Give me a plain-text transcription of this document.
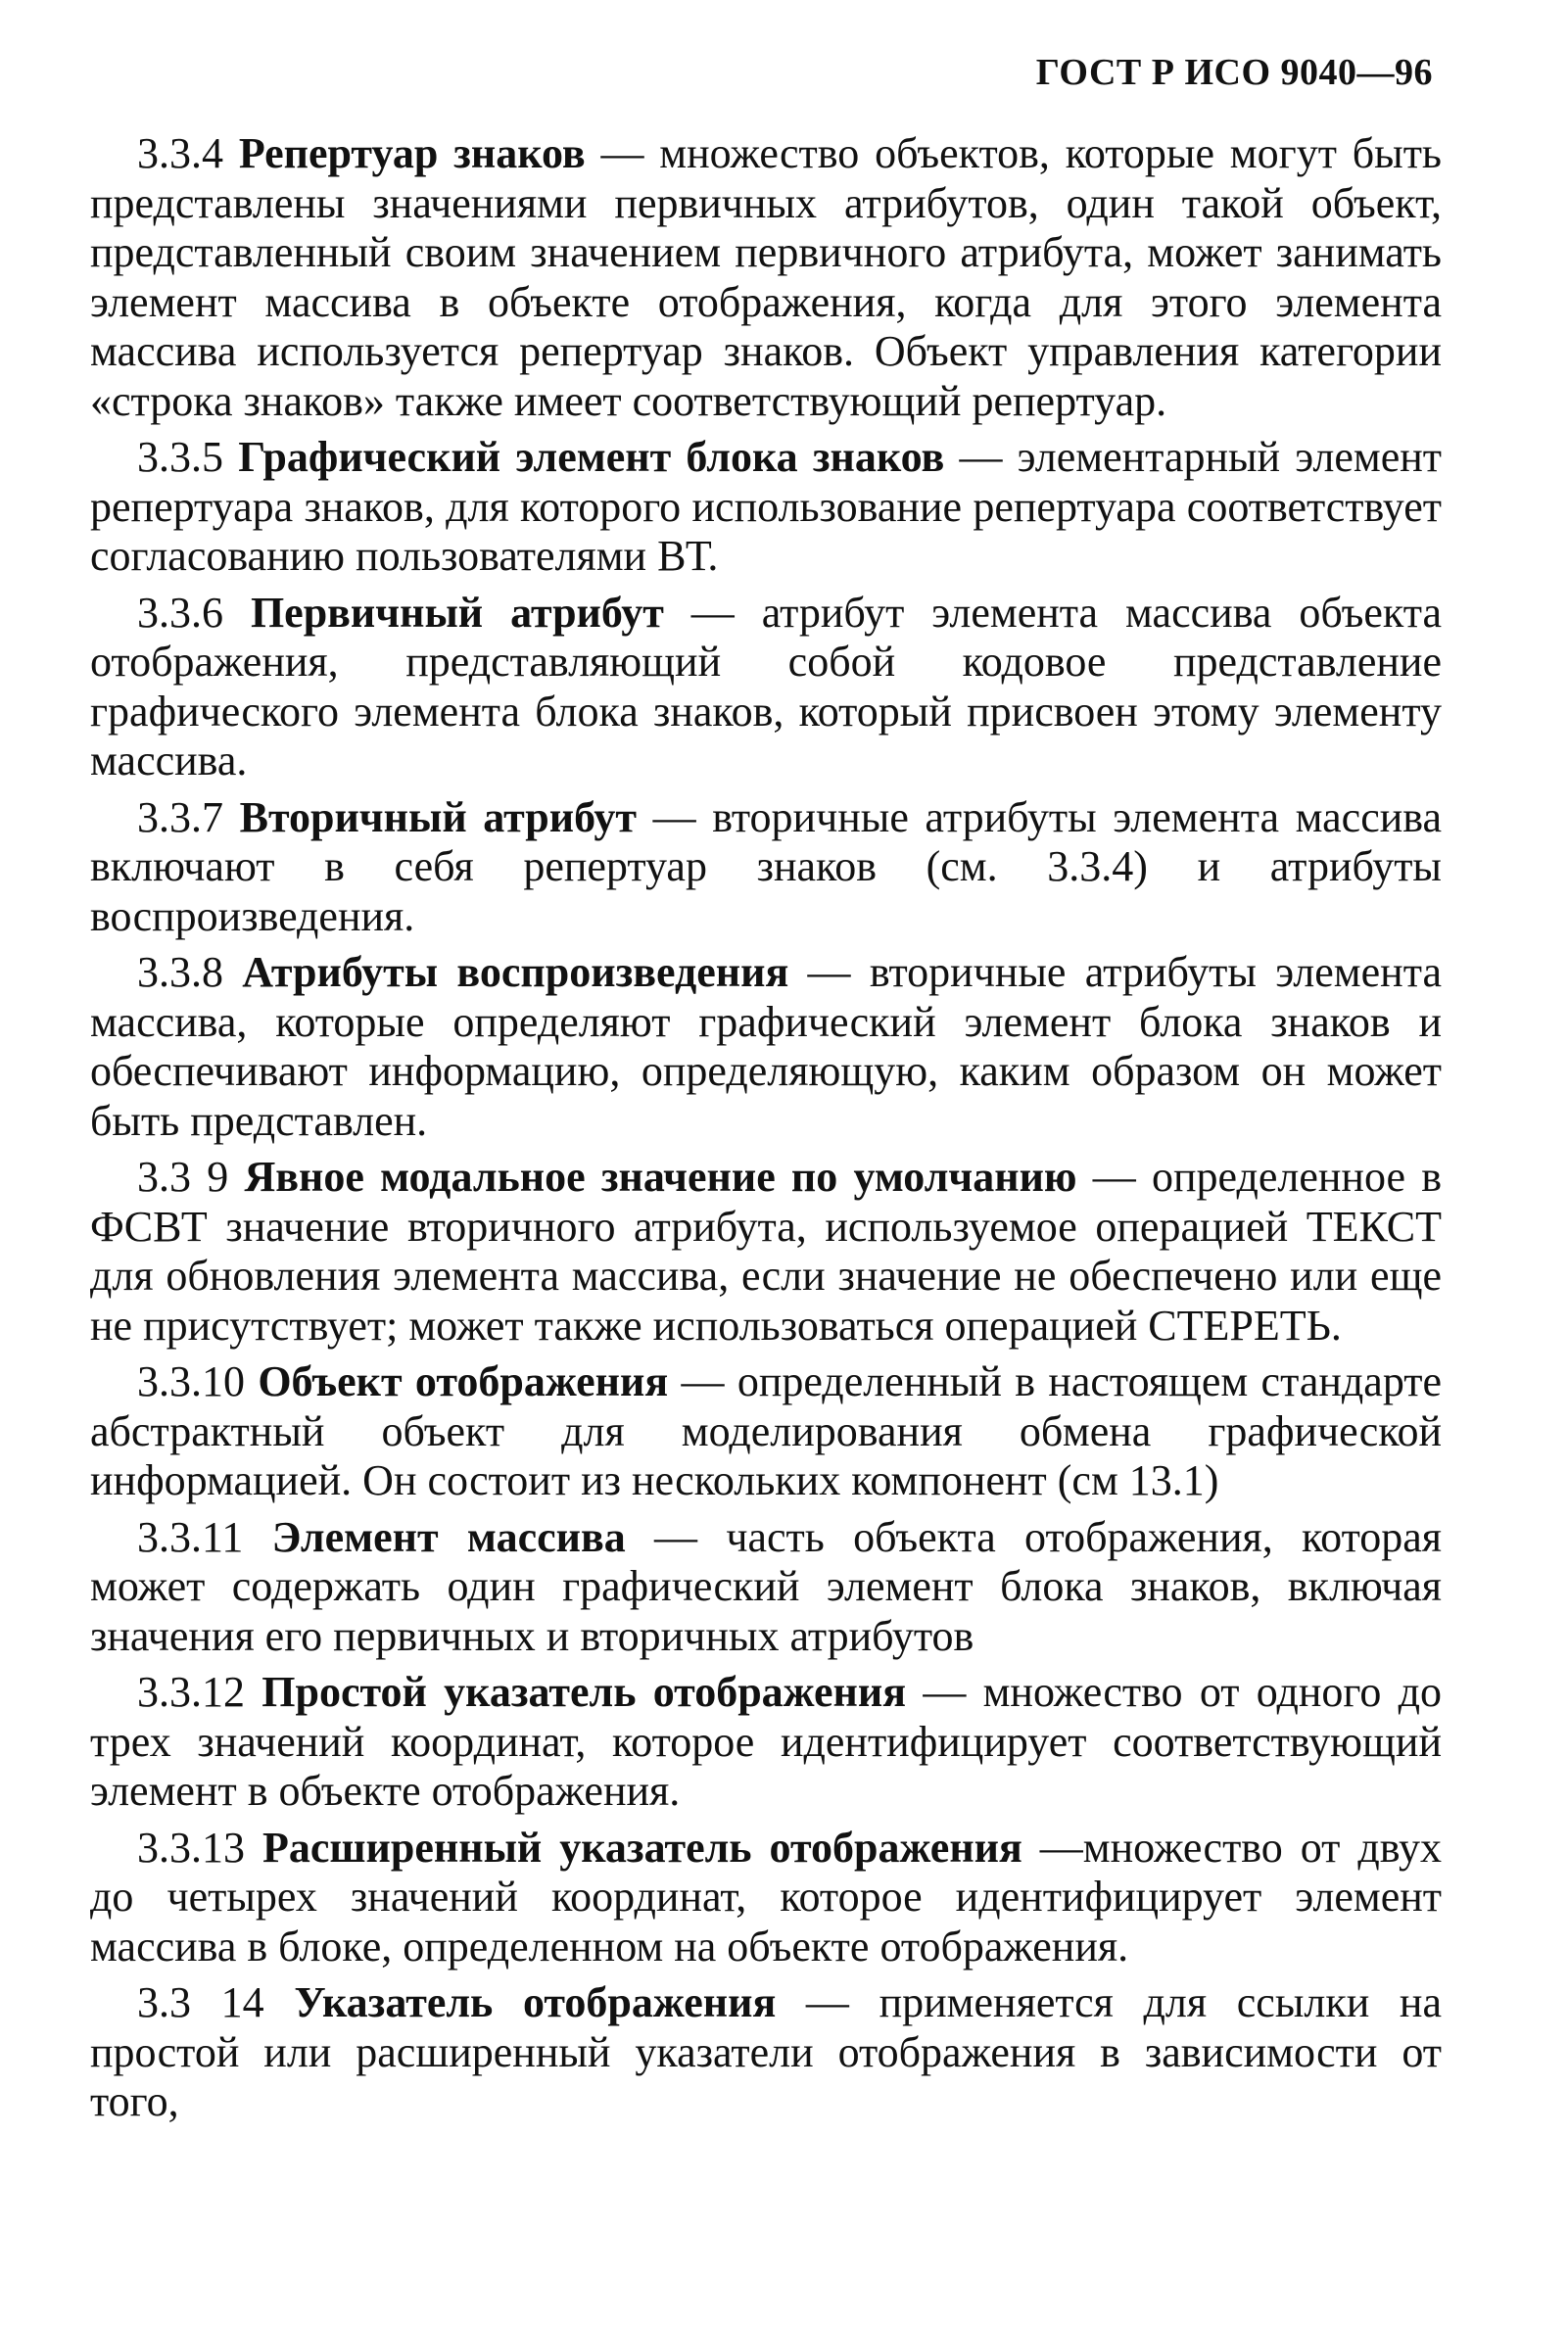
ГОСТ Р ИСО 9040—96

3.3.4 Репертуар знаков — множество объектов, которые могут быть представлены значениями первичных атрибутов, один такой объект, представленный своим значением первичного атрибута, может занимать элемент массива в объекте отображения, когда для этого элемента массива используется репертуар знаков. Объект управления категории «строка знаков» также имеет соответствующий репертуар.

3.3.5 Графический элемент блока знаков — элементарный элемент репертуара знаков, для которого использование репертуара соответствует согласованию пользователями ВТ.

3.3.6 Первичный атрибут — атрибут элемента массива объекта отображения, представляющий собой кодовое представление графического элемента блока знаков, который присвоен этому элементу массива.

3.3.7 Вторичный атрибут — вторичные атрибуты элемента массива включают в себя репертуар знаков (см. 3.3.4) и атрибуты воспроизведения.

3.3.8 Атрибуты воспроизведения — вторичные атрибуты элемента массива, которые определяют графический элемент блока знаков и обеспечивают информацию, определяющую, каким образом он может быть представлен.

3.3 9 Явное модальное значение по умолчанию — определенное в ФСВТ значение вторичного атрибута, используемое операцией ТЕКСТ для обновления элемента массива, если значение не обеспечено или еще не присутствует; может также использоваться операцией СТЕРЕТЬ.

3.3.10 Объект отображения — определенный в настоящем стандарте абстрактный объект для моделирования обмена графической информацией. Он состоит из нескольких компонент (см 13.1)

3.3.11 Элемент массива — часть объекта отображения, которая может содержать один графический элемент блока знаков, включая значения его первичных и вторичных атрибутов

3.3.12 Простой указатель отображения — множество от одного до трех значений координат, которое идентифицирует соответствующий элемент в объекте отображения.

3.3.13 Расширенный указатель отображения —множество от двух до четырех значений координат, которое идентифицирует элемент массива в блоке, определенном на объекте отображения.

3.3 14 Указатель отображения — применяется для ссылки на простой или расширенный указатели отображения в зависимости от того,
